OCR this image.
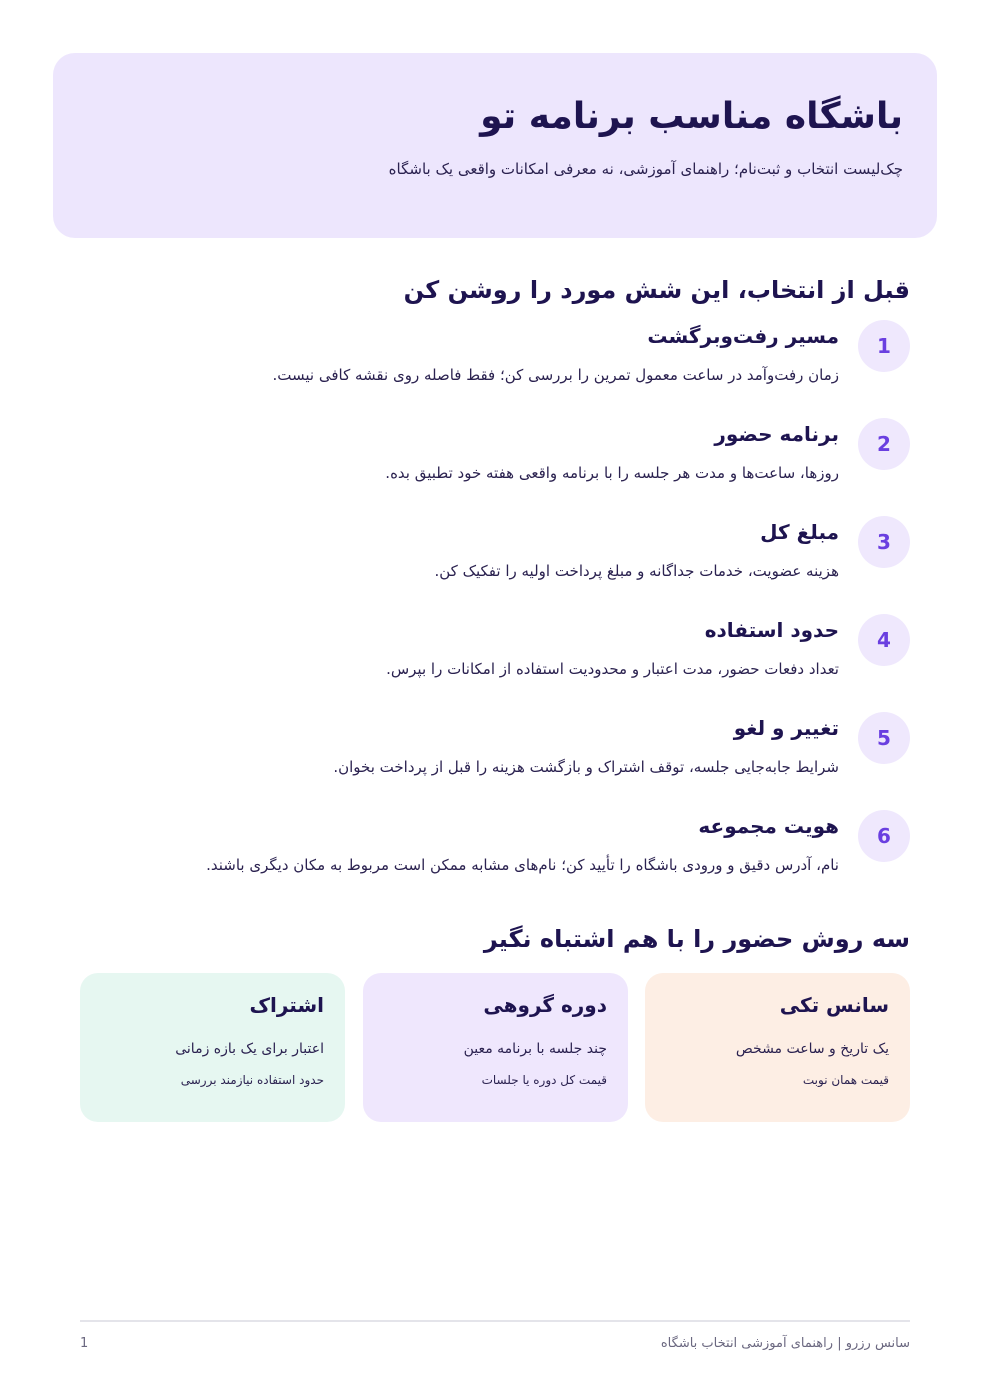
باشگاه مناسب برنامه تو

چک‌لیست انتخاب و ثبت‌نام؛ راهنمای آموزشی، نه معرفی امکانات واقعی یک باشگاه

قبل از انتخاب، این شش مورد را روشن کن
1
مسیر رفت‌وبرگشت
زمان رفت‌وآمد در ساعت معمول تمرین را بررسی کن؛ فقط فاصله روی نقشه کافی نیست.
2
برنامه حضور
روزها، ساعت‌ها و مدت هر جلسه را با برنامه واقعی هفته خود تطبیق بده.
3
مبلغ کل
هزینه عضویت، خدمات جداگانه و مبلغ پرداخت اولیه را تفکیک کن.
4
حدود استفاده
تعداد دفعات حضور، مدت اعتبار و محدودیت استفاده از امکانات را بپرس.
5
تغییر و لغو
شرایط جابه‌جایی جلسه، توقف اشتراک و بازگشت هزینه را قبل از پرداخت بخوان.
6
هویت مجموعه
نام، آدرس دقیق و ورودی باشگاه را تأیید کن؛ نام‌های مشابه ممکن است مربوط به مکان دیگری باشند.
سه روش حضور را با هم اشتباه نگیر
سانس تکی
یک تاریخ و ساعت مشخص
قیمت همان نوبت
دوره گروهی
چند جلسه با برنامه معین
قیمت کل دوره یا جلسات
اشتراک
اعتبار برای یک بازه زمانی
حدود استفاده نیازمند بررسی
سانس رزرو | راهنمای آموزشی انتخاب باشگاه
1
